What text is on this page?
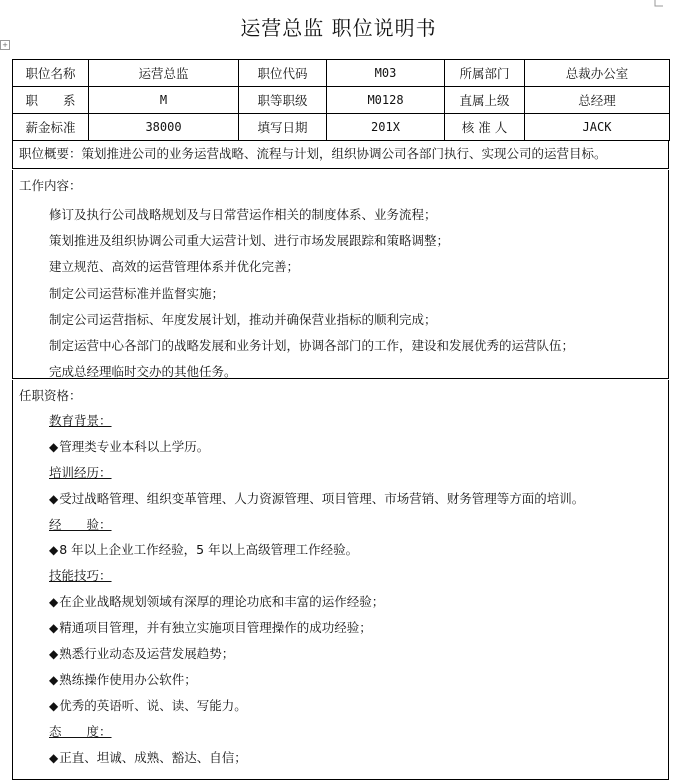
+
运营总监 职位说明书
职位名称	运营总监	职位代码	M03	所属部门	总裁办公室
职　　系	M	职等职级	M0128	直属上级	总经理
薪金标准	38000	填写日期	201X	核 准 人	JACK
职位概要：策划推进公司的业务运营战略、流程与计划，组织协调公司各部门执行、实现公司的运营目标。
工作内容：
修订及执行公司战略规划及与日常营运作相关的制度体系、业务流程；
策划推进及组织协调公司重大运营计划、进行市场发展跟踪和策略调整；
建立规范、高效的运营管理体系并优化完善；
制定公司运营标准并监督实施；
制定公司运营指标、年度发展计划，推动并确保营业指标的顺利完成；
制定运营中心各部门的战略发展和业务计划，协调各部门的工作，建设和发展优秀的运营队伍；
完成总经理临时交办的其他任务。
任职资格：
教育背景：
◆管理类专业本科以上学历。
培训经历：
◆受过战略管理、组织变革管理、人力资源管理、项目管理、市场营销、财务管理等方面的培训。
经　　验：
◆8 年以上企业工作经验，5 年以上高级管理工作经验。
技能技巧：
◆在企业战略规划领域有深厚的理论功底和丰富的运作经验；
◆精通项目管理，并有独立实施项目管理操作的成功经验；
◆熟悉行业动态及运营发展趋势；
◆熟练操作使用办公软件；
◆优秀的英语听、说、读、写能力。
态　　度：
◆正直、坦诚、成熟、豁达、自信；
